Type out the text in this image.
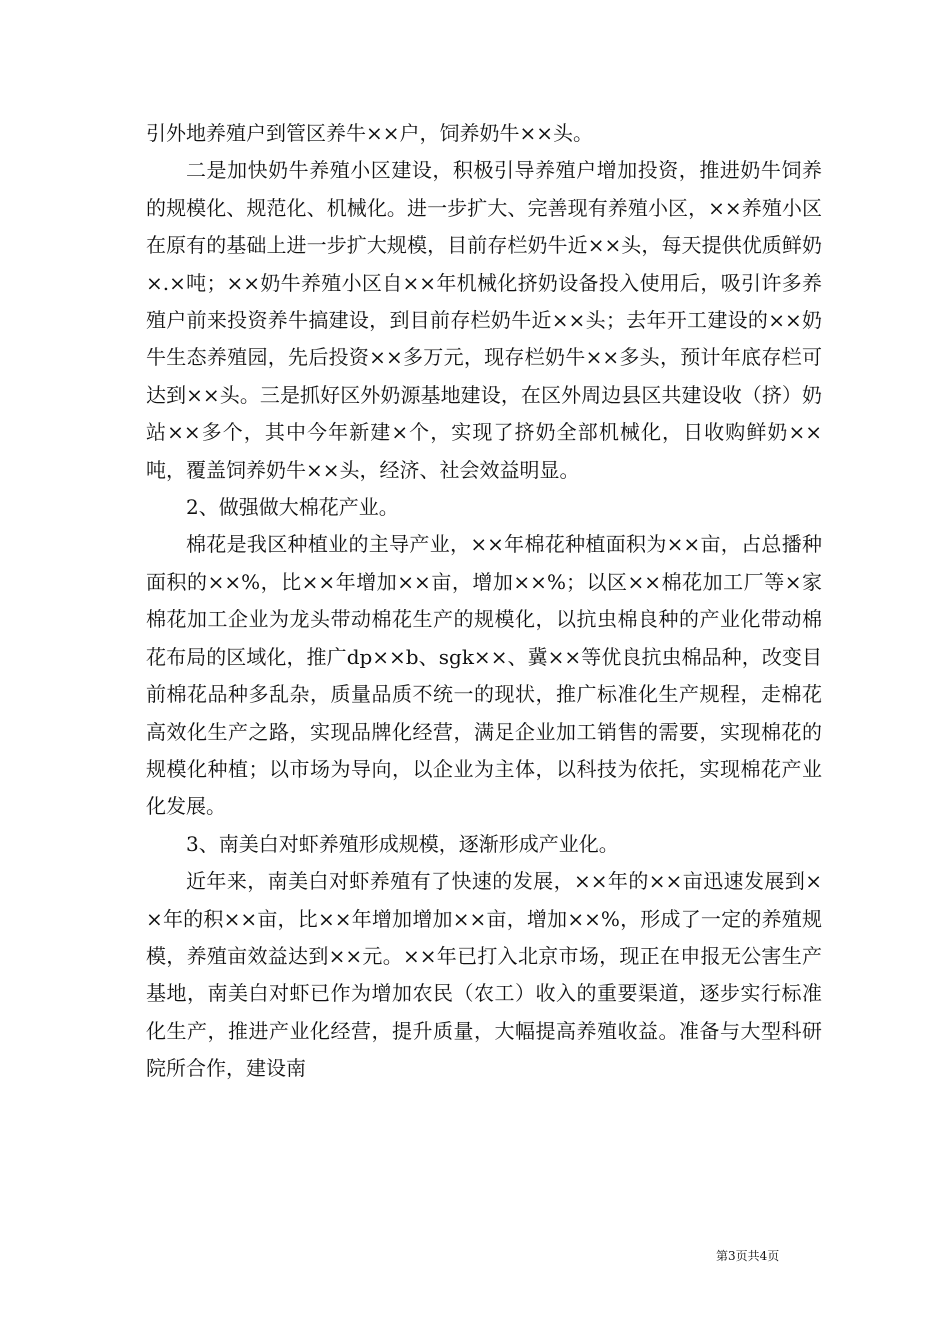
引外地养殖户到管区养牛××户，饲养奶牛××头。

二是加快奶牛养殖小区建设，积极引导养殖户增加投资，推进奶牛饲养的规模化、规范化、机械化。进一步扩大、完善现有养殖小区，××养殖小区在原有的基础上进一步扩大规模，目前存栏奶牛近××头，每天提供优质鲜奶×.×吨；××奶牛养殖小区自××年机械化挤奶设备投入使用后，吸引许多养殖户前来投资养牛搞建设，到目前存栏奶牛近××头；去年开工建设的××奶牛生态养殖园，先后投资××多万元，现存栏奶牛××多头，预计年底存栏可达到××头。三是抓好区外奶源基地建设，在区外周边县区共建设收（挤）奶站××多个，其中今年新建×个，实现了挤奶全部机械化，日收购鲜奶××吨，覆盖饲养奶牛××头，经济、社会效益明显。

2、做强做大棉花产业。

棉花是我区种植业的主导产业，××年棉花种植面积为××亩，占总播种面积的××%，比××年增加××亩，增加××%；以区××棉花加工厂等×家棉花加工企业为龙头带动棉花生产的规模化，以抗虫棉良种的产业化带动棉花布局的区域化，推广dp××b、sgk××、冀××等优良抗虫棉品种，改变目前棉花品种多乱杂，质量品质不统一的现状，推广标准化生产规程，走棉花高效化生产之路，实现品牌化经营，满足企业加工销售的需要，实现棉花的规模化种植；以市场为导向，以企业为主体，以科技为依托，实现棉花产业化发展。

3、南美白对虾养殖形成规模，逐渐形成产业化。

近年来，南美白对虾养殖有了快速的发展，××年的××亩迅速发展到××年的积××亩，比××年增加增加××亩，增加××%，形成了一定的养殖规模，养殖亩效益达到××元。××年已打入北京市场，现正在申报无公害生产基地，南美白对虾已作为增加农民（农工）收入的重要渠道，逐步实行标准化生产，推进产业化经营，提升质量，大幅提高养殖收益。准备与大型科研院所合作，建设南

第3页共4页
